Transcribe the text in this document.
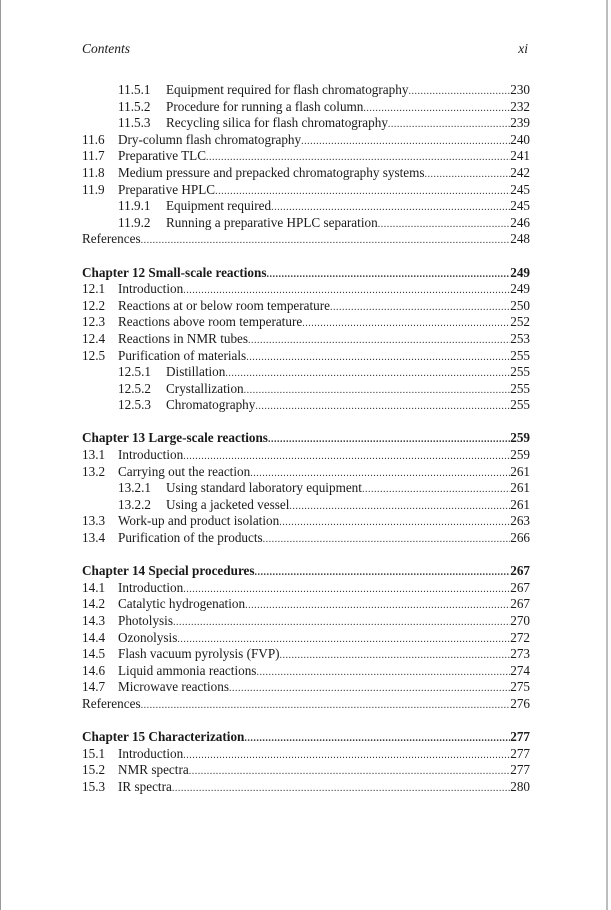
Contents	xi
11.5.1	Equipment required for flash chromatography .....	230
11.5.2	Procedure for running a flash column .....	232
11.5.3	Recycling silica for flash chromatography .....	239
11.6	Dry-column flash chromatography .....	240
11.7	Preparative TLC .....	241
11.8	Medium pressure and prepacked chromatography systems .....	242
11.9	Preparative HPLC .....	245
11.9.1	Equipment required .....	245
11.9.2	Running a preparative HPLC separation .....	246
References .....	248
Chapter 12 Small-scale reactions .....	249
12.1 Introduction .....	249
12.2 Reactions at or below room temperature .....	250
12.3 Reactions above room temperature .....	252
12.4 Reactions in NMR tubes .....	253
12.5 Purification of materials .....	255
12.5.1	Distillation .....	255
12.5.2	Crystallization .....	255
12.5.3	Chromatography .....	255
Chapter 13 Large-scale reactions .....	259
13.1 Introduction .....	259
13.2 Carrying out the reaction .....	261
13.2.1	Using standard laboratory equipment .....	261
13.2.2	Using a jacketed vessel .....	261
13.3 Work-up and product isolation .....	263
13.4 Purification of the products .....	266
Chapter 14 Special procedures .....	267
14.1 Introduction .....	267
14.2 Catalytic hydrogenation .....	267
14.3 Photolysis .....	270
14.4 Ozonolysis .....	272
14.5 Flash vacuum pyrolysis (FVP) .....	273
14.6 Liquid ammonia reactions .....	274
14.7 Microwave reactions .....	275
References .....	276
Chapter 15 Characterization .....	277
15.1 Introduction .....	277
15.2 NMR spectra .....	277
15.3 IR spectra .....	280
